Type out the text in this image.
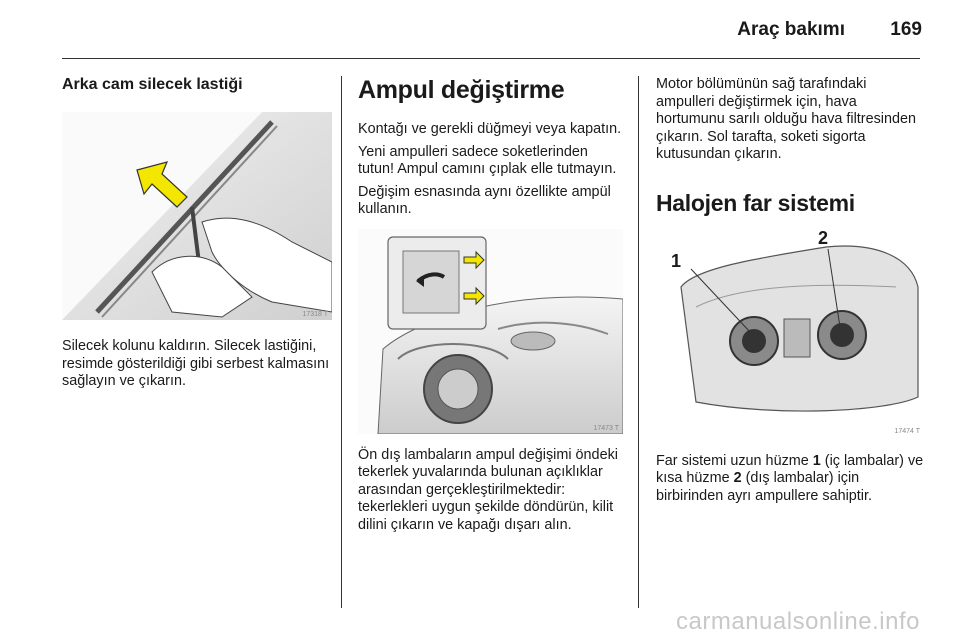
Araç bakımı 169
Arka cam silecek lastiği
17318 T

Silecek kolunu kaldırın. Silecek lastiğini, resimde gösterildiği gibi serbest kalmasını sağlayın ve çıkarın.

Ampul değiştirme

Kontağı ve gerekli düğmeyi veya kapatın.

Yeni ampulleri sadece soketlerinden tutun! Ampul camını çıplak elle tutmayın.

Değişim esnasında aynı özellikte ampül kullanın.

17473 T

Ön dış lambaların ampul değişimi öndeki tekerlek yuvalarında bulunan açıklıklar arasından gerçekleştirilmektedir: tekerlekleri uygun şekilde döndürün, kilit dilini çıkarın ve kapağı dışarı alın.

Motor bölümünün sağ tarafındaki ampulleri değiştirmek için, hava hortumunu sarılı olduğu hava filtresinden çıkarın. Sol tarafta, soketi sigorta kutusundan çıkarın.

Halojen far sistemi
1
2
17474 T

Far sistemi uzun hüzme 1 (iç lambalar) ve kısa hüzme 2 (dış lambalar) için birbirinden ayrı ampullere sahiptir.

carmanualsonline.info
